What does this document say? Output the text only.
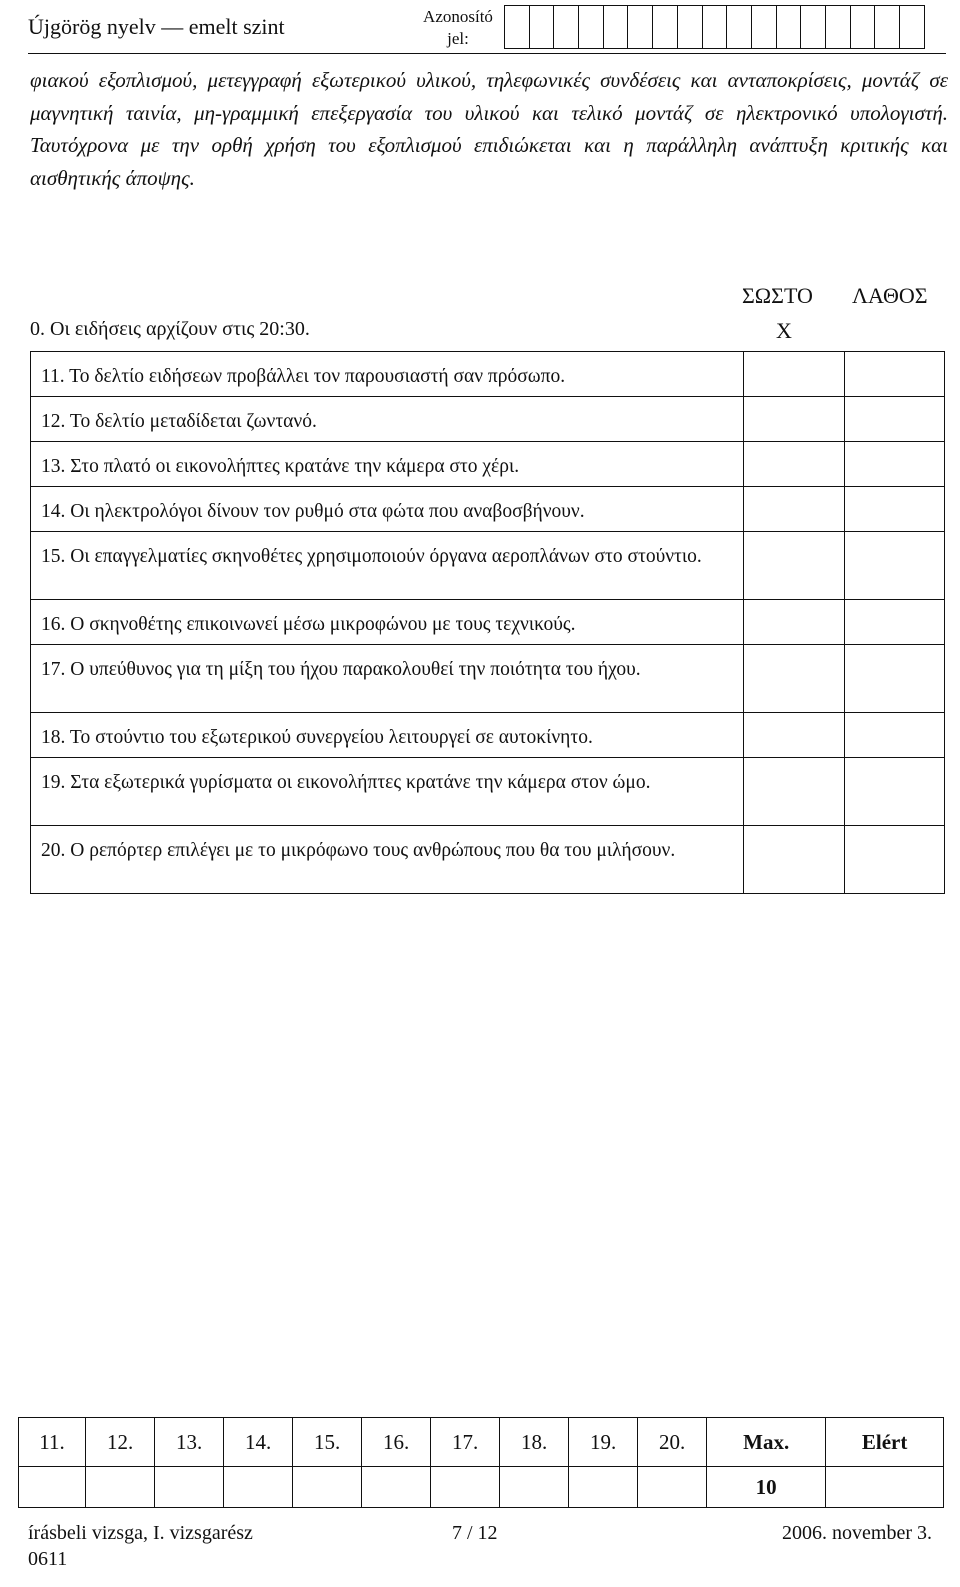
Újgörög nyelv — emelt szint	Azonosító
jel:
φιακού εξοπλισμού, μετεγγραφή εξωτερικού υλικού, τηλεφωνικές συνδέσεις και ανταποκρίσεις, μοντάζ σε μαγνητική ταινία, μη-γραμμική επεξεργασία του υλικού και τελικό μοντάζ σε ηλεκτρονικό υπολογιστή. Ταυτόχρονα με την ορθή χρήση του εξοπλισμού επιδιώκεται και η παράλληλη ανάπτυξη κριτικής και αισθητικής άποψης.
ΣΩΣΤΟ ΛΑΘΟΣ
0. Οι ειδήσεις αρχίζουν στις 20:30.	X
11. Το δελτίο ειδήσεων προβάλλει τον παρουσιαστή σαν πρόσωπο.		
12. Το δελτίο μεταδίδεται ζωντανό.		
13. Στο πλατό οι εικονολήπτες κρατάνε την κάμερα στο χέρι.		
14. Οι ηλεκτρολόγοι δίνουν τον ρυθμό στα φώτα που αναβοσβήνουν.		
15. Οι επαγγελματίες σκηνοθέτες χρησιμοποιούν όργανα αεροπλάνων στο στούντιο.		
16. Ο σκηνοθέτης επικοινωνεί μέσω μικροφώνου με τους τεχνικούς.		
17. Ο υπεύθυνος για τη μίξη του ήχου παρακολουθεί την ποιότητα του ήχου.		
18. Το στούντιο του εξωτερικού συνεργείου λειτουργεί σε αυτοκίνητο.		
19. Στα εξωτερικά γυρίσματα οι εικονολήπτες κρατάνε την κάμερα στον ώμο.		
20. Ο ρεπόρτερ επιλέγει με το μικρόφωνο τους ανθρώπους που θα του μιλήσουν.		
11.	12.	13.	14.	15.	16.	17.	18.	19.	20.	Max.	Elért
										10	
írásbeli vizsga, I. vizsgarész	7 / 12	2006. november 3.
0611
